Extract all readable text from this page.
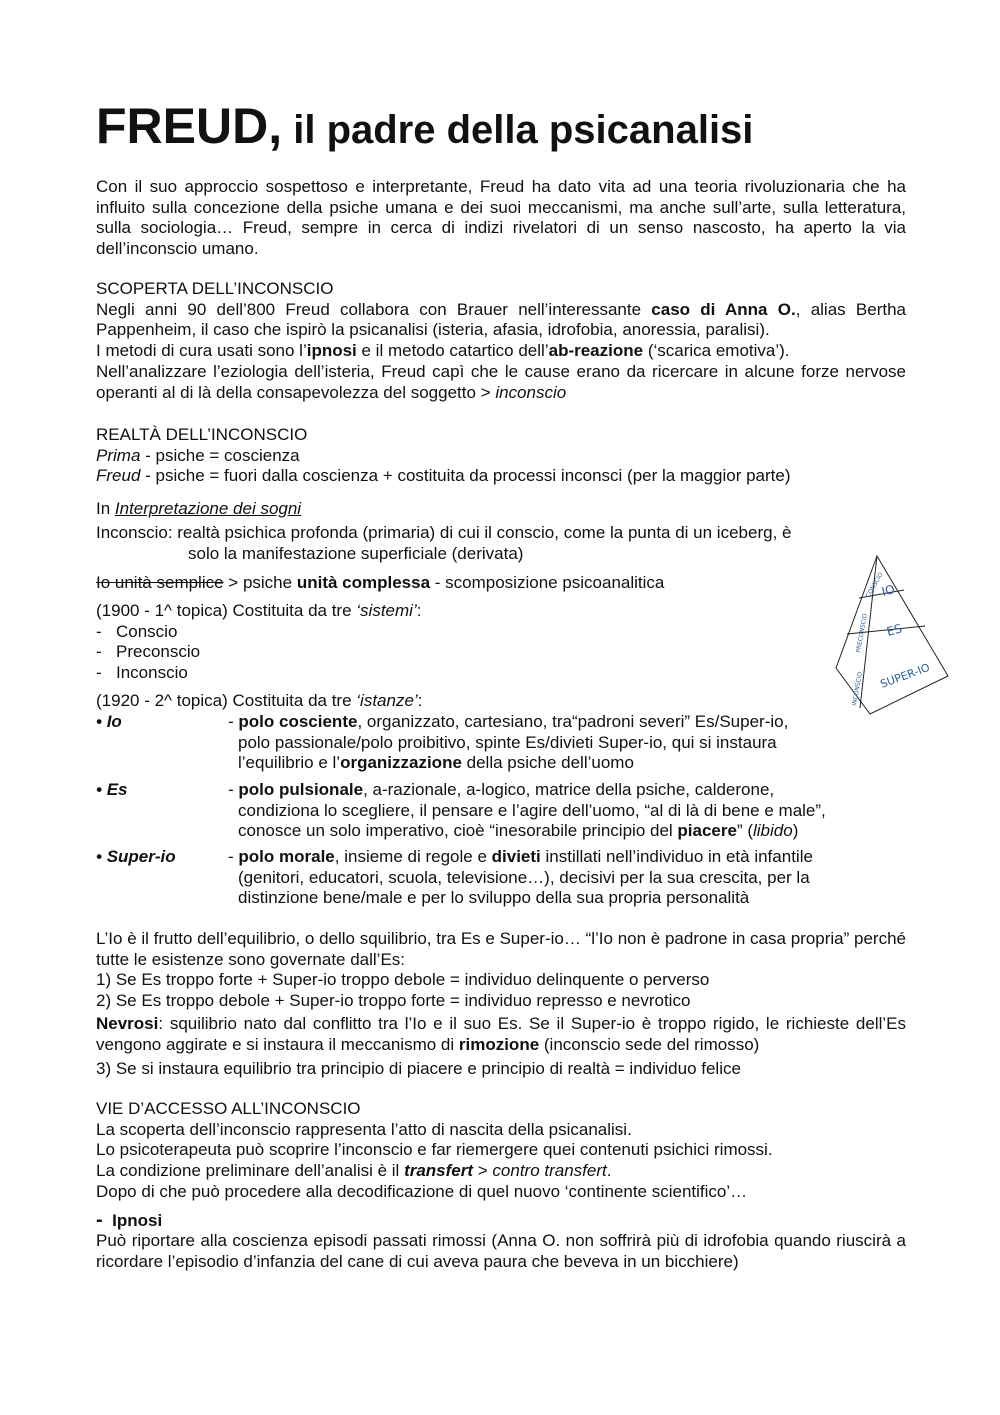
FREUD, il padre della psicanalisi

Con il suo approccio sospettoso e interpretante, Freud ha dato vita ad una teoria rivoluzionaria che ha influito sulla concezione della psiche umana e dei suoi meccanismi, ma anche sull’arte, sulla letteratura, sulla sociologia… Freud, sempre in cerca di indizi rivelatori di un senso nascosto, ha aperto la via dell’inconscio umano.

SCOPERTA DELL’INCONSCIO

Negli anni 90 dell’800 Freud collabora con Brauer nell’interessante caso di Anna O., alias Bertha Pappenheim, il caso che ispirò la psicanalisi (isteria, afasia, idrofobia, anoressia, paralisi).

I metodi di cura usati sono l’ipnosi e il metodo catartico dell’ab-reazione (‘scarica emotiva’).

Nell’analizzare l’eziologia dell’isteria, Freud capì che le cause erano da ricercare in alcune forze nervose operanti al di là della consapevolezza del soggetto > inconscio

REALTÀ DELL’INCONSCIO

Prima - psiche = coscienza

Freud - psiche = fuori dalla coscienza + costituita da processi inconsci (per la maggior parte)

In Interpretazione dei sogni

Inconscio: realtà psichica profonda (primaria) di cui il conscio, come la punta di un iceberg, è

solo la manifestazione superficiale (derivata)

Io unità semplice > psiche unità complessa - scomposizione psicoanalitica

(1900 - 1^ topica) Costituita da tre ‘sistemi’:

- Conscio
- Preconscio
- Inconscio

(1920 - 2^ topica) Costituita da tre ‘istanze’:

• Io	- polo cosciente, organizzato, cartesiano, tra“padroni severi” Es/Super-io,

polo passionale/polo proibitivo, spinte Es/divieti Super-io, qui si instaura

l’equilibrio e l’organizzazione della psiche dell’uomo

• Es	- polo pulsionale, a-razionale, a-logico, matrice della psiche, calderone,

condiziona lo scegliere, il pensare e l’agire dell’uomo, “al di là di bene e male”,

conosce un solo imperativo, cioè “inesorabile principio del piacere” (libido)

• Super-io	- polo morale, insieme di regole e divieti instillati nell’individuo in età infantile

(genitori, educatori, scuola, televisione…), decisivi per la sua crescita, per la

distinzione bene/male e per lo sviluppo della sua propria personalità

L’Io è il frutto dell’equilibrio, o dello squilibrio, tra Es e Super-io… “l’Io non è padrone in casa propria” perché tutte le esistenze sono governate dall’Es:

1) Se Es troppo forte + Super-io troppo debole = individuo delinquente o perverso

2) Se Es troppo debole + Super-io troppo forte = individuo represso e nevrotico

Nevrosi: squilibrio nato dal conflitto tra l’Io e il suo Es. Se il Super-io è troppo rigido, le richieste dell’Es vengono aggirate e si instaura il meccanismo di rimozione (inconscio sede del rimosso)

3) Se si instaura equilibrio tra principio di piacere e principio di realtà = individuo felice

VIE D’ACCESSO ALL’INCONSCIO

La scoperta dell’inconscio rappresenta l’atto di nascita della psicanalisi.

Lo psicoterapeuta può scoprire l’inconscio e far riemergere quei contenuti psichici rimossi.

La condizione preliminare dell’analisi è il transfert > contro transfert.

Dopo di che può procedere alla decodificazione di quel nuovo ‘continente scientifico’…

- Ipnosi

Può riportare alla coscienza episodi passati rimossi (Anna O. non soffrirà più di idrofobia quando riuscirà a ricordare l’episodio d’infanzia del cane di cui aveva paura che beveva in un bicchiere)

IO
ES
SUPER-IO
CONSCIO
PRECONSCIO
INCONSCIO
